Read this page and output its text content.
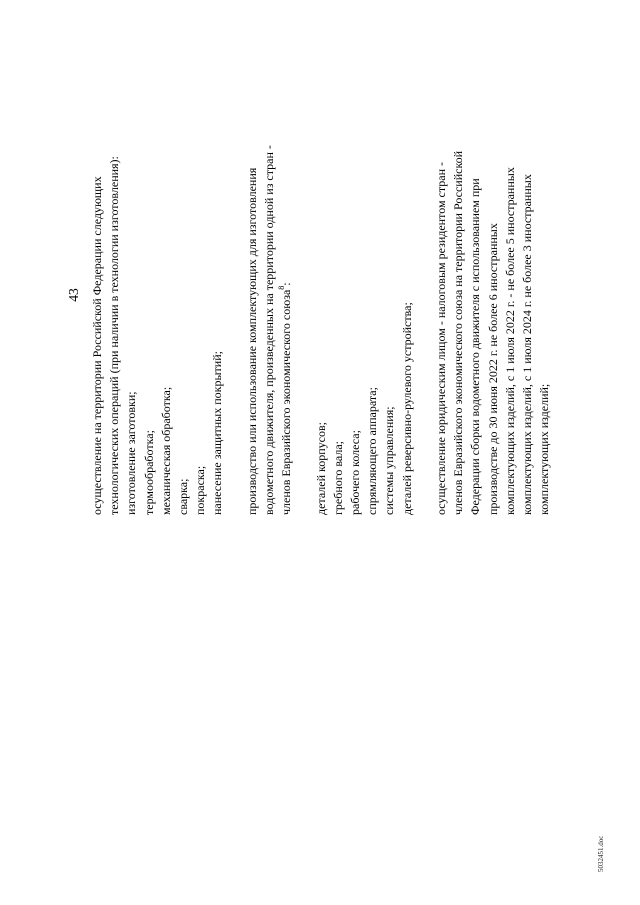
43 осуществление на территории Российской Федерации следующих технологических операций (при наличии в технологии изготовления): изготовление заготовки; термообработка; механическая обработка; сварка; покраска; нанесение защитных покрытий; производство или использование комплектующих для изготовления водометного движителя, произведенных на территории одной из стран - членов Евразийского экономического союза$^8$:

деталей корпусов; гребного вала; рабочего колеса; спрямляющего аппарата; системы управления; деталей реверсивно-рулевого устройства; осуществление юридическим лицом - налоговым резидентом стран - членов Евразийского экономического союза на территории Российской Федерации сборки водометного движителя с использованием при производстве до 30 июня 2022 г. не более 6 иностранных комплектующих изделий, с 1 июля 2022 г. - не более 5 иностранных комплектующих изделий, с 1 июля 2024 г. не более 3 иностранных комплектующих изделий;

5032451.doc
